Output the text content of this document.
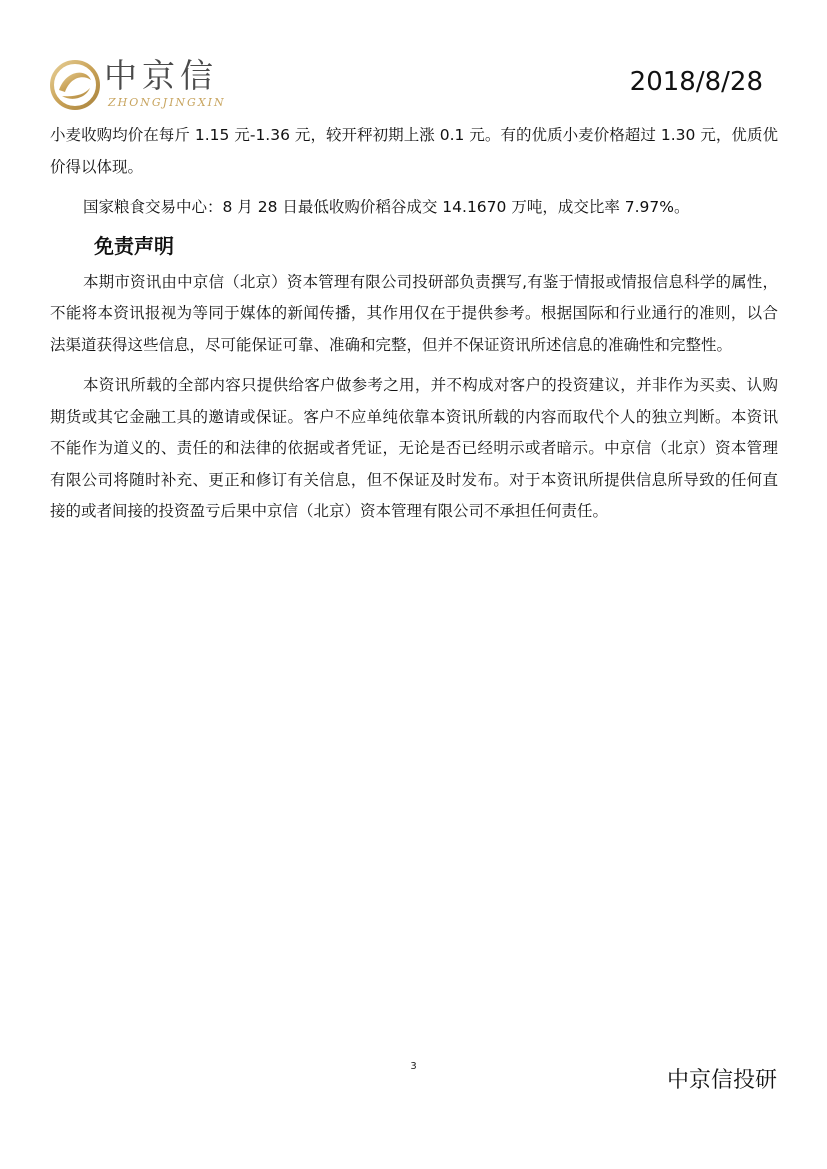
中京信
ZHONGJINGXIN
2018/8/28

小麦收购均价在每斤 1.15 元-1.36 元，较开秤初期上涨 0.1 元。有的优质小麦价格超过 1.30 元，优质优价得以体现。

国家粮食交易中心：8 月 28 日最低收购价稻谷成交 14.1670 万吨，成交比率 7.97%。

免责声明

本期市资讯由中京信（北京）资本管理有限公司投研部负责撰写,有鉴于情报或情报信息科学的属性，不能将本资讯报视为等同于媒体的新闻传播，其作用仅在于提供参考。根据国际和行业通行的准则，以合法渠道获得这些信息，尽可能保证可靠、准确和完整，但并不保证资讯所述信息的准确性和完整性。

本资讯所载的全部内容只提供给客户做参考之用，并不构成对客户的投资建议，并非作为买卖、认购期货或其它金融工具的邀请或保证。客户不应单纯依靠本资讯所载的内容而取代个人的独立判断。本资讯不能作为道义的、责任的和法律的依据或者凭证，无论是否已经明示或者暗示。中京信（北京）资本管理有限公司将随时补充、更正和修订有关信息，但不保证及时发布。对于本资讯所提供信息所导致的任何直接的或者间接的投资盈亏后果中京信（北京）资本管理有限公司不承担任何责任。

3
中京信投研
